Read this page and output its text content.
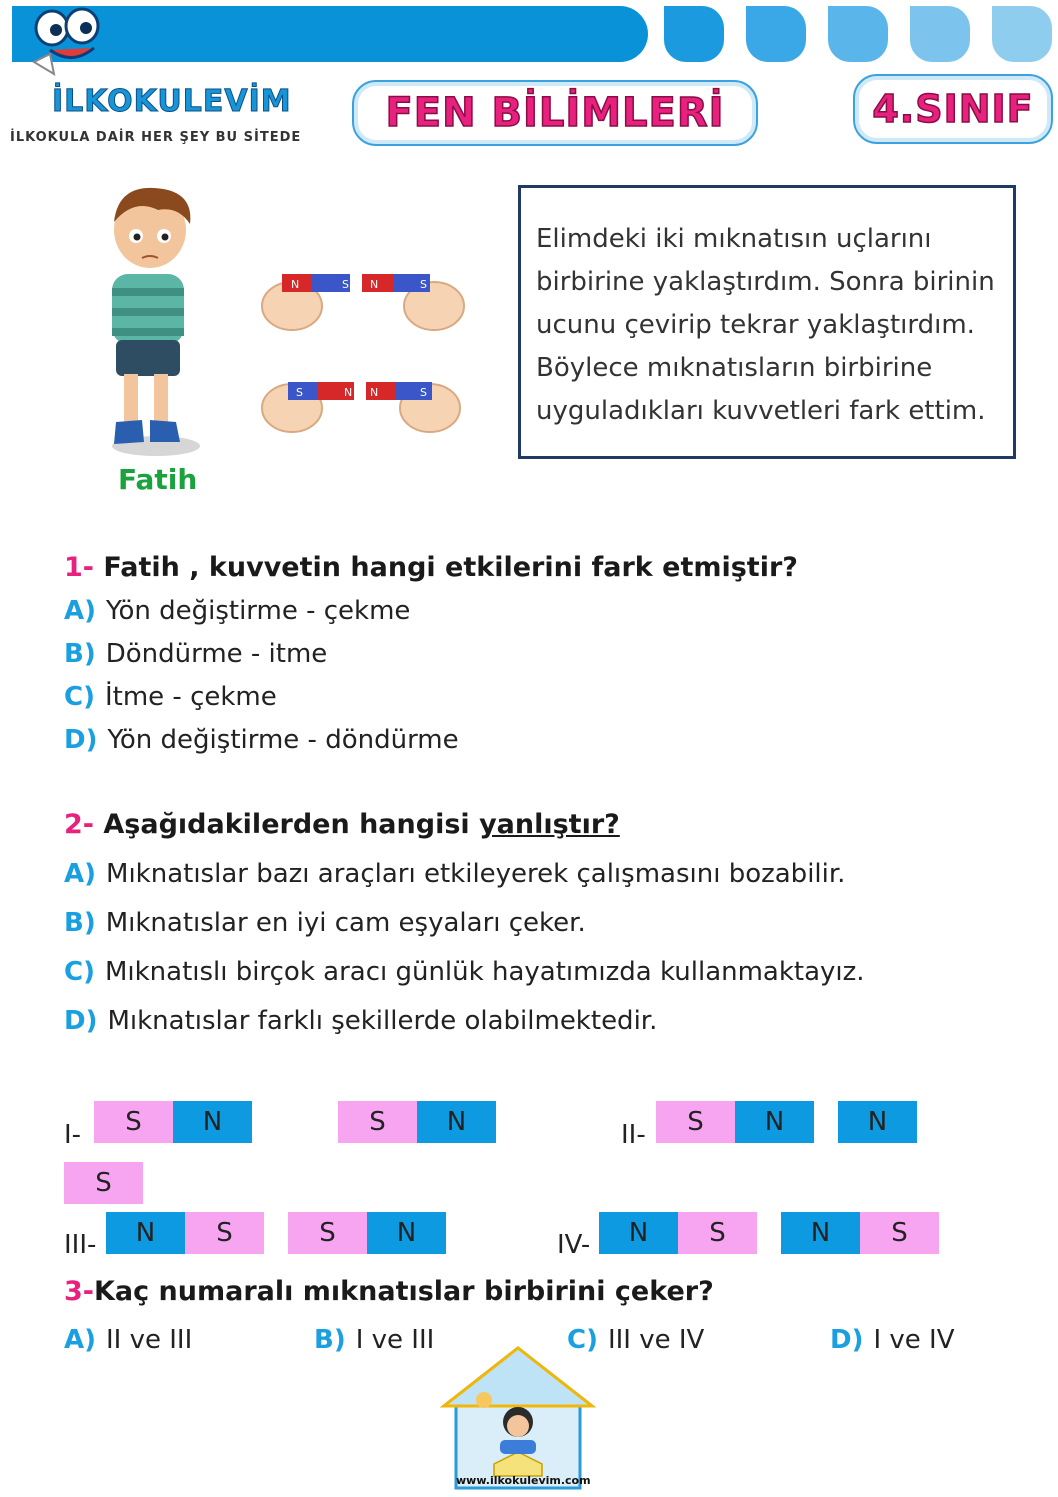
İLKOKULEVİM
İLKOKULA DAİR HER ŞEY BU SİTEDE
FEN BİLİMLERİ	4.SINIF
N	S N	S
S	N N	S
Fatih
Elimdeki iki mıknatısın uçlarını
birbirine yaklaştırdım. Sonra birinin
ucunu çevirip tekrar yaklaştırdım.
Böylece mıknatısların birbirine
uyguladıkları kuvvetleri fark ettim.
1- Fatih , kuvvetin hangi etkilerini fark etmiştir?
A) Yön değiştirme - çekme
B) Döndürme - itme
C) İtme - çekme
D) Yön değiştirme - döndürme
2- Aşağıdakilerden hangisi yanlıştır?
A) Mıknatıslar bazı araçları etkileyerek çalışmasını bozabilir.
B) Mıknatıslar en iyi cam eşyaları çeker.
C) Mıknatıslı birçok aracı günlük hayatımızda kullanmaktayız.
D) Mıknatıslar farklı şekillerde olabilmektedir.
I-	S	N	S	N	II-	S	N	N
S
III-	N	S	S	N	IV-	N	S	N	S
3-Kaç numaralı mıknatıslar birbirini çeker?
A) II ve III	B) I ve III	C) III ve IV	D) I ve IV
www.ilkokulevim.com
